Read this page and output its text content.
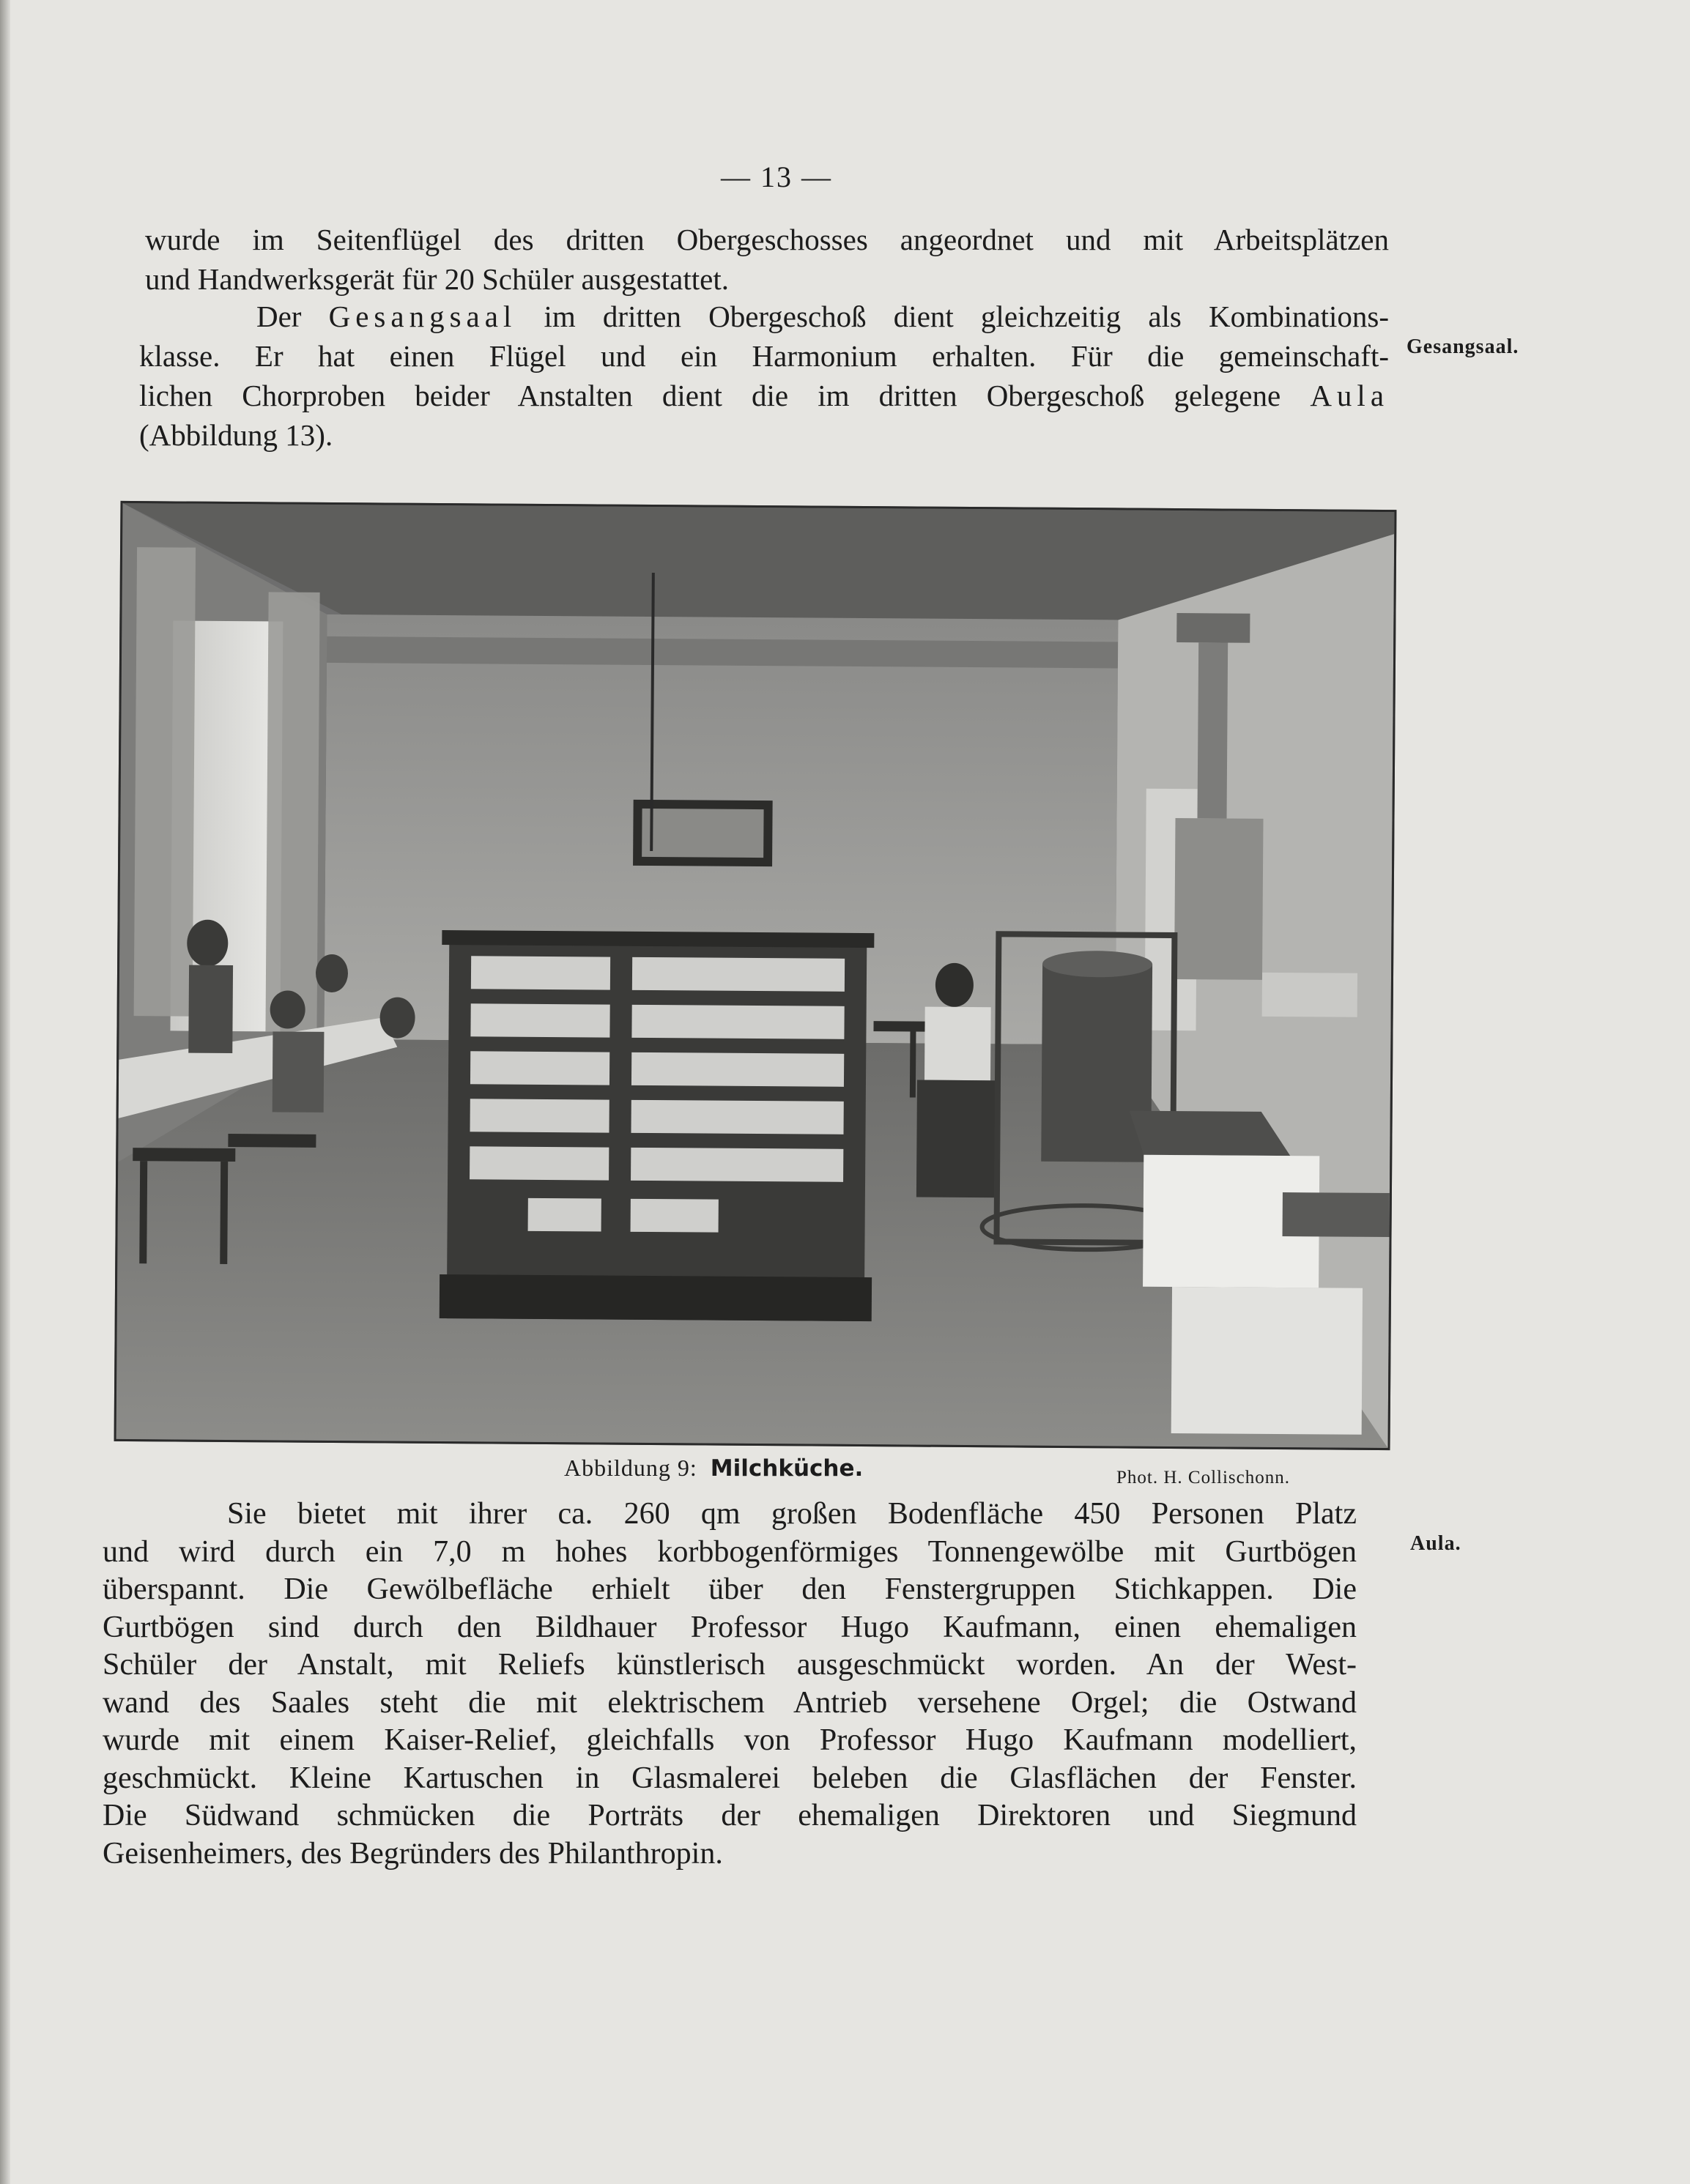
— 13 —

wurde im Seitenflügel des dritten Obergeschosses angeordnet und mit Arbeitsplätzen
und Handwerksgerät für 20 Schüler ausgestattet.

Der Gesangsaal im dritten Obergeschoß dient gleichzeitig als Kombinations-
klasse. Er hat einen Flügel und ein Harmonium erhalten. Für die gemeinschaft-
lichen Chorproben beider Anstalten dient die im dritten Obergeschoß gelegene Aula
(Abbildung 13).

Gesangsaal.
Abbildung 9: Milchküche.	Phot. H. Collischonn.

Sie bietet mit ihrer ca. 260 qm großen Bodenfläche 450 Personen Platz
und wird durch ein 7,0 m hohes korbbogenförmiges Tonnengewölbe mit Gurtbögen
überspannt. Die Gewölbefläche erhielt über den Fenstergruppen Stichkappen. Die
Gurtbögen sind durch den Bildhauer Professor Hugo Kaufmann, einen ehemaligen
Schüler der Anstalt, mit Reliefs künstlerisch ausgeschmückt worden. An der West-
wand des Saales steht die mit elektrischem Antrieb versehene Orgel; die Ostwand
wurde mit einem Kaiser-Relief, gleichfalls von Professor Hugo Kaufmann modelliert,
geschmückt. Kleine Kartuschen in Glasmalerei beleben die Glasflächen der Fenster.
Die Südwand schmücken die Porträts der ehemaligen Direktoren und Siegmund
Geisenheimers, des Begründers des Philanthropin.

Aula.
